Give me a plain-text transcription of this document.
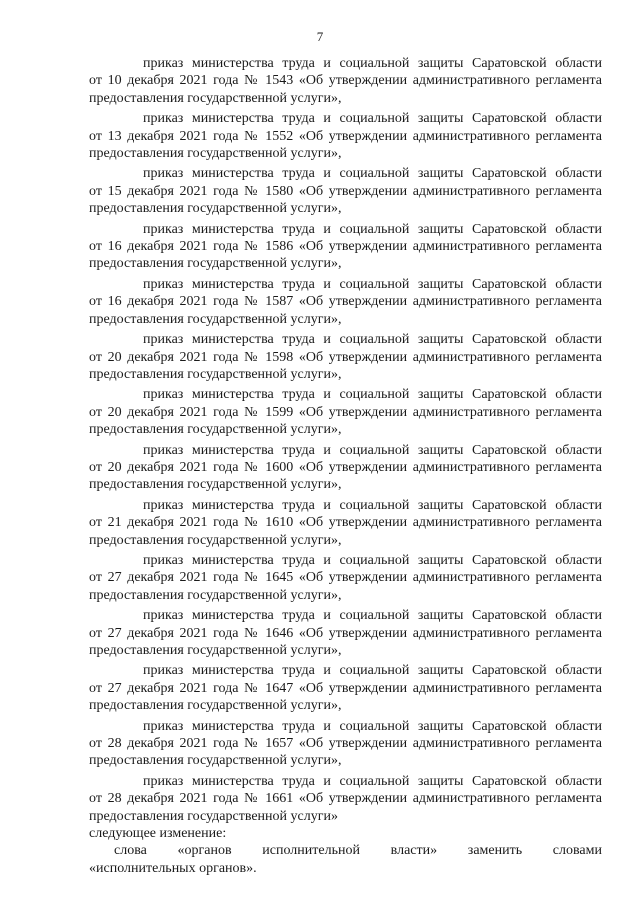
7

приказ министерства труда и социальной защиты Саратовской области
от 10 декабря 2021 года № 1543 «Об утверждении административного регламента
предоставления государственной услуги»,

приказ министерства труда и социальной защиты Саратовской области
от 13 декабря 2021 года № 1552 «Об утверждении административного регламента
предоставления государственной услуги»,

приказ министерства труда и социальной защиты Саратовской области
от 15 декабря 2021 года № 1580 «Об утверждении административного регламента
предоставления государственной услуги»,

приказ министерства труда и социальной защиты Саратовской области
от 16 декабря 2021 года № 1586 «Об утверждении административного регламента
предоставления государственной услуги»,

приказ министерства труда и социальной защиты Саратовской области
от 16 декабря 2021 года № 1587 «Об утверждении административного регламента
предоставления государственной услуги»,

приказ министерства труда и социальной защиты Саратовской области
от 20 декабря 2021 года № 1598 «Об утверждении административного регламента
предоставления государственной услуги»,

приказ министерства труда и социальной защиты Саратовской области
от 20 декабря 2021 года № 1599 «Об утверждении административного регламента
предоставления государственной услуги»,

приказ министерства труда и социальной защиты Саратовской области
от 20 декабря 2021 года № 1600 «Об утверждении административного регламента
предоставления государственной услуги»,

приказ министерства труда и социальной защиты Саратовской области
от 21 декабря 2021 года № 1610 «Об утверждении административного регламента
предоставления государственной услуги»,

приказ министерства труда и социальной защиты Саратовской области
от 27 декабря 2021 года № 1645 «Об утверждении административного регламента
предоставления государственной услуги»,

приказ министерства труда и социальной защиты Саратовской области
от 27 декабря 2021 года № 1646 «Об утверждении административного регламента
предоставления государственной услуги»,

приказ министерства труда и социальной защиты Саратовской области
от 27 декабря 2021 года № 1647 «Об утверждении административного регламента
предоставления государственной услуги»,

приказ министерства труда и социальной защиты Саратовской области
от 28 декабря 2021 года № 1657 «Об утверждении административного регламента
предоставления государственной услуги»,

приказ министерства труда и социальной защиты Саратовской области
от 28 декабря 2021 года № 1661 «Об утверждении административного регламента
предоставления государственной услуги»

следующее изменение:

слова «органов исполнительной власти» заменить словами
«исполнительных органов».
